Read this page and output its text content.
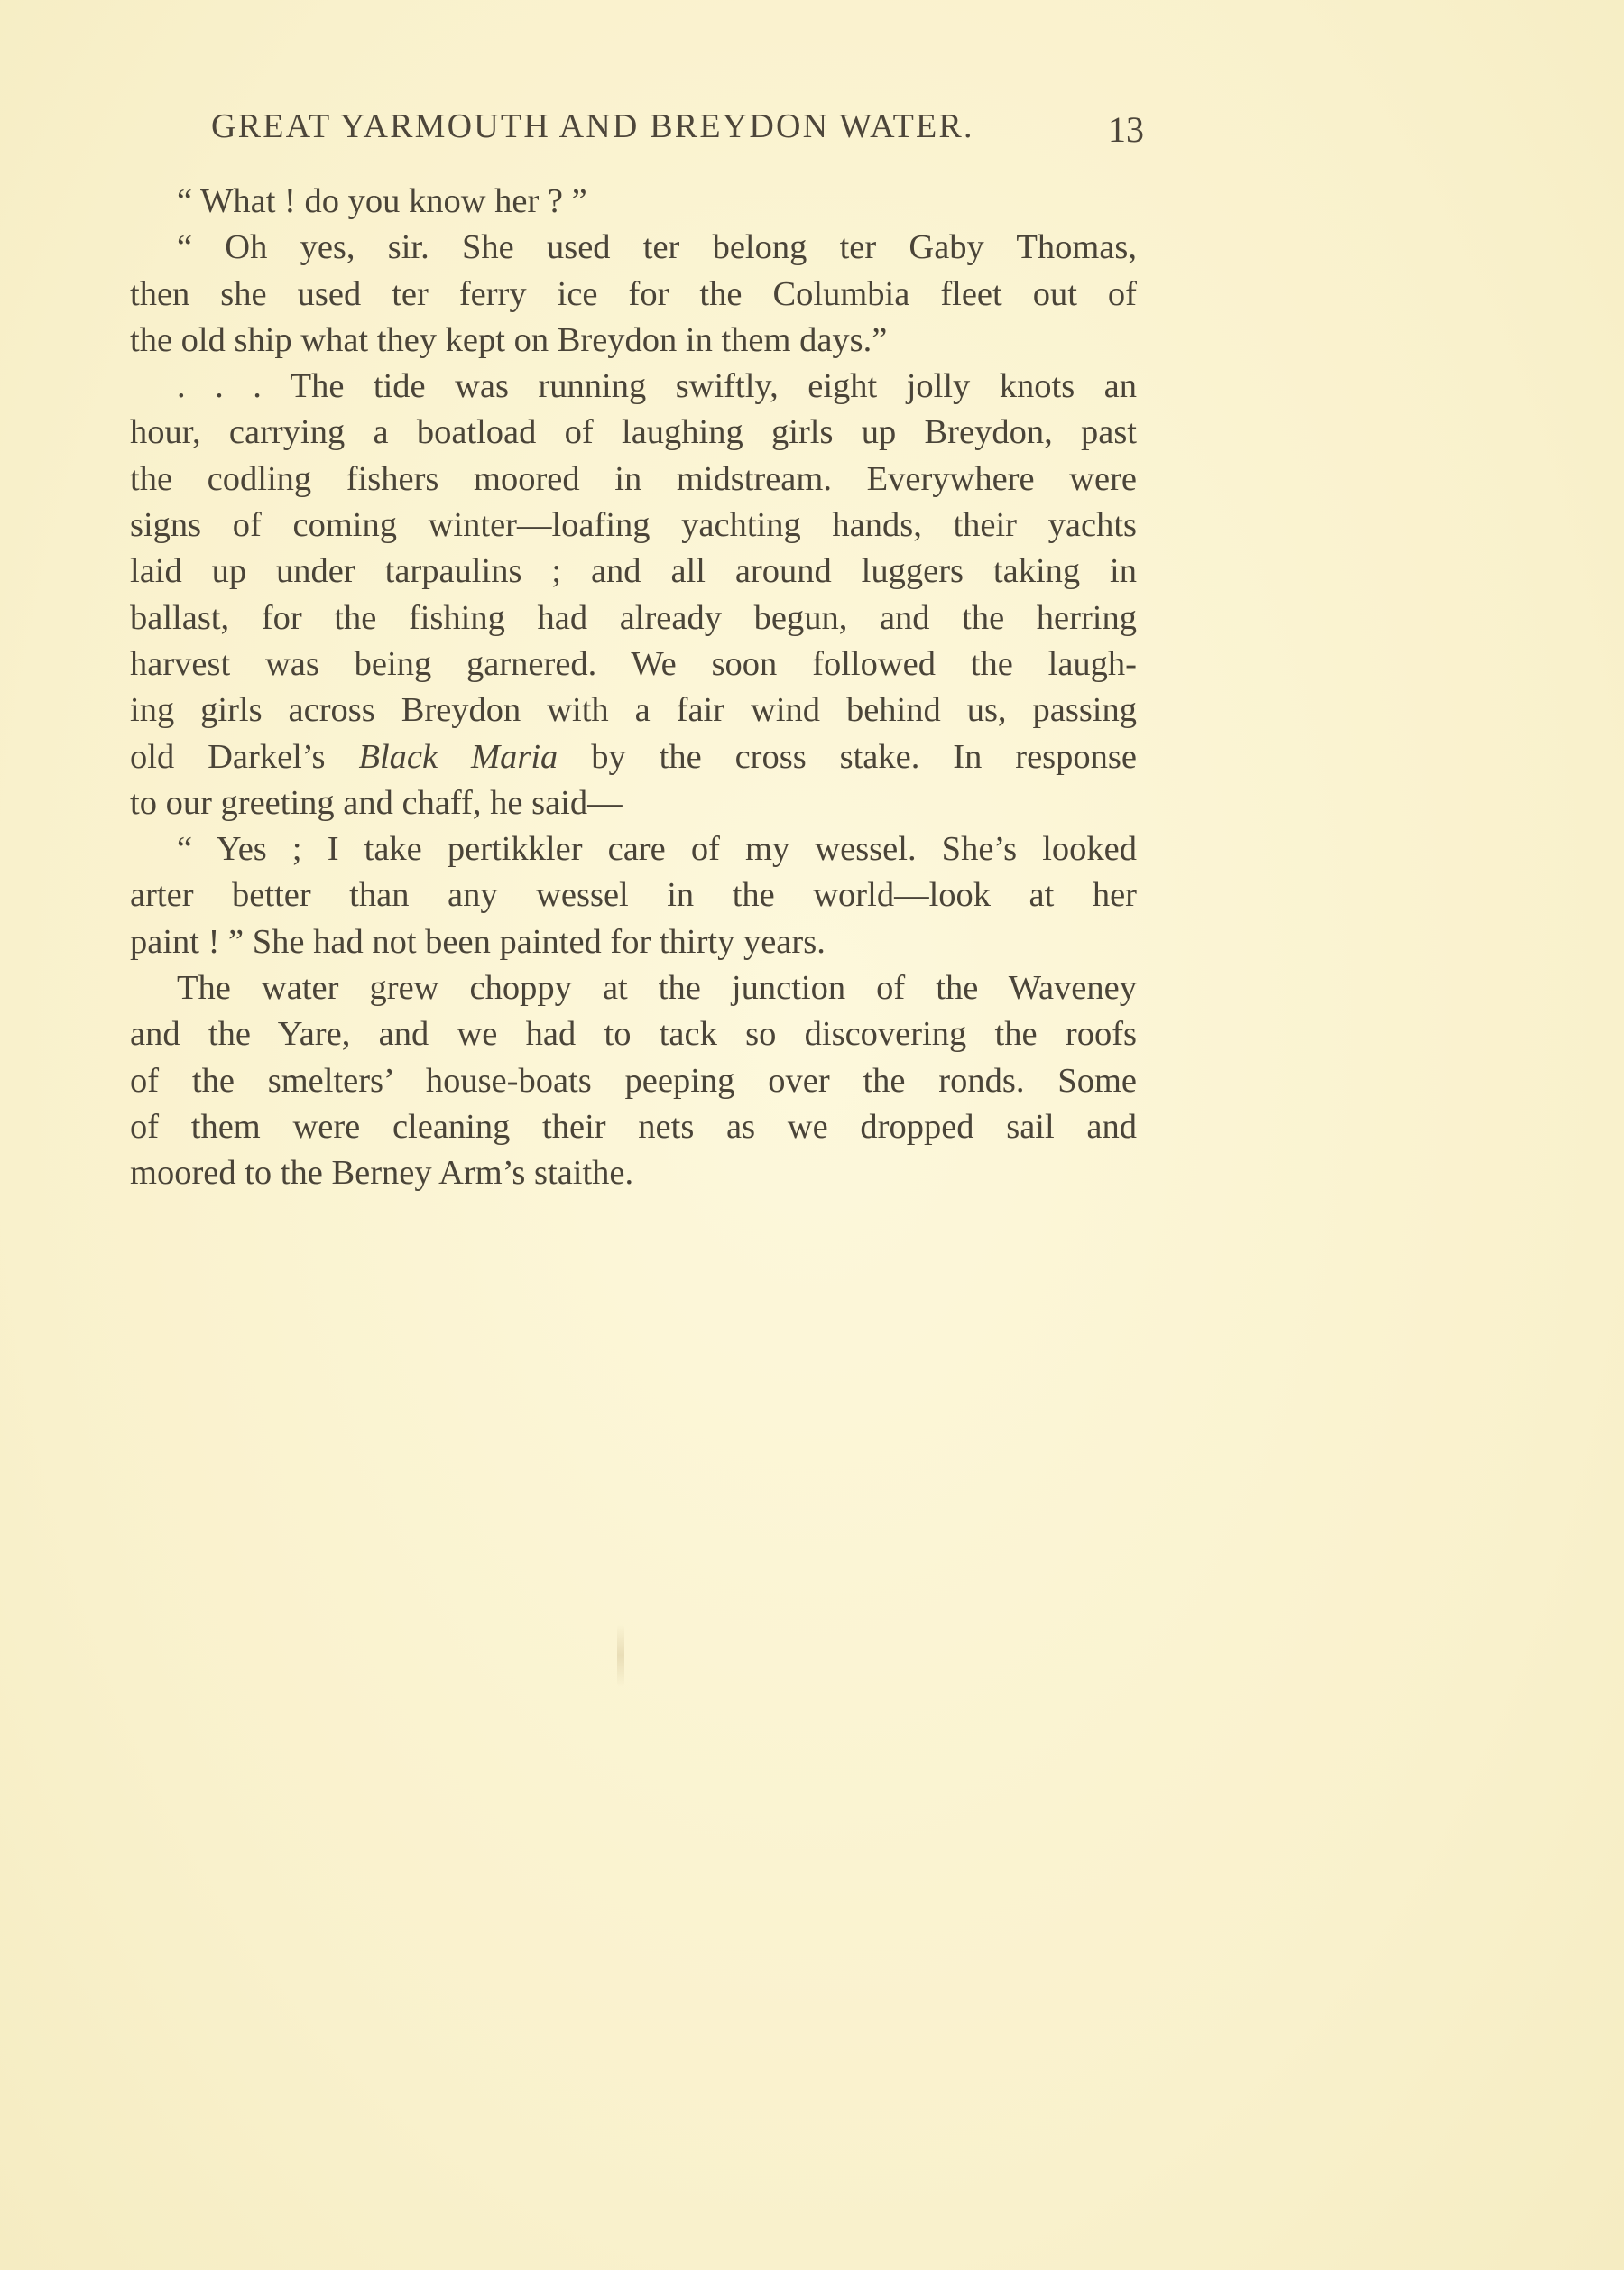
GREAT YARMOUTH AND BREYDON WATER.	13
“ What ! do you know her ? ”
“ Oh yes, sir. She used ter belong ter Gaby Thomas,
then she used ter ferry ice for the Columbia fleet out of
the old ship what they kept on Breydon in them days.”
. . . The tide was running swiftly, eight jolly knots an
hour, carrying a boatload of laughing girls up Breydon, past
the codling fishers moored in midstream. Everywhere were
signs of coming winter—loafing yachting hands, their yachts
laid up under tarpaulins ; and all around luggers taking in
ballast, for the fishing had already begun, and the herring
harvest was being garnered. We soon followed the laugh-
ing girls across Breydon with a fair wind behind us, passing
old Darkel’s Black Maria by the cross stake. In response
to our greeting and chaff, he said—
“ Yes ; I take pertikkler care of my wessel. She’s looked
arter better than any wessel in the world—look at her
paint ! ” She had not been painted for thirty years.
The water grew choppy at the junction of the Waveney
and the Yare, and we had to tack so discovering the roofs
of the smelters’ house-boats peeping over the ronds. Some
of them were cleaning their nets as we dropped sail and
moored to the Berney Arm’s staithe.
